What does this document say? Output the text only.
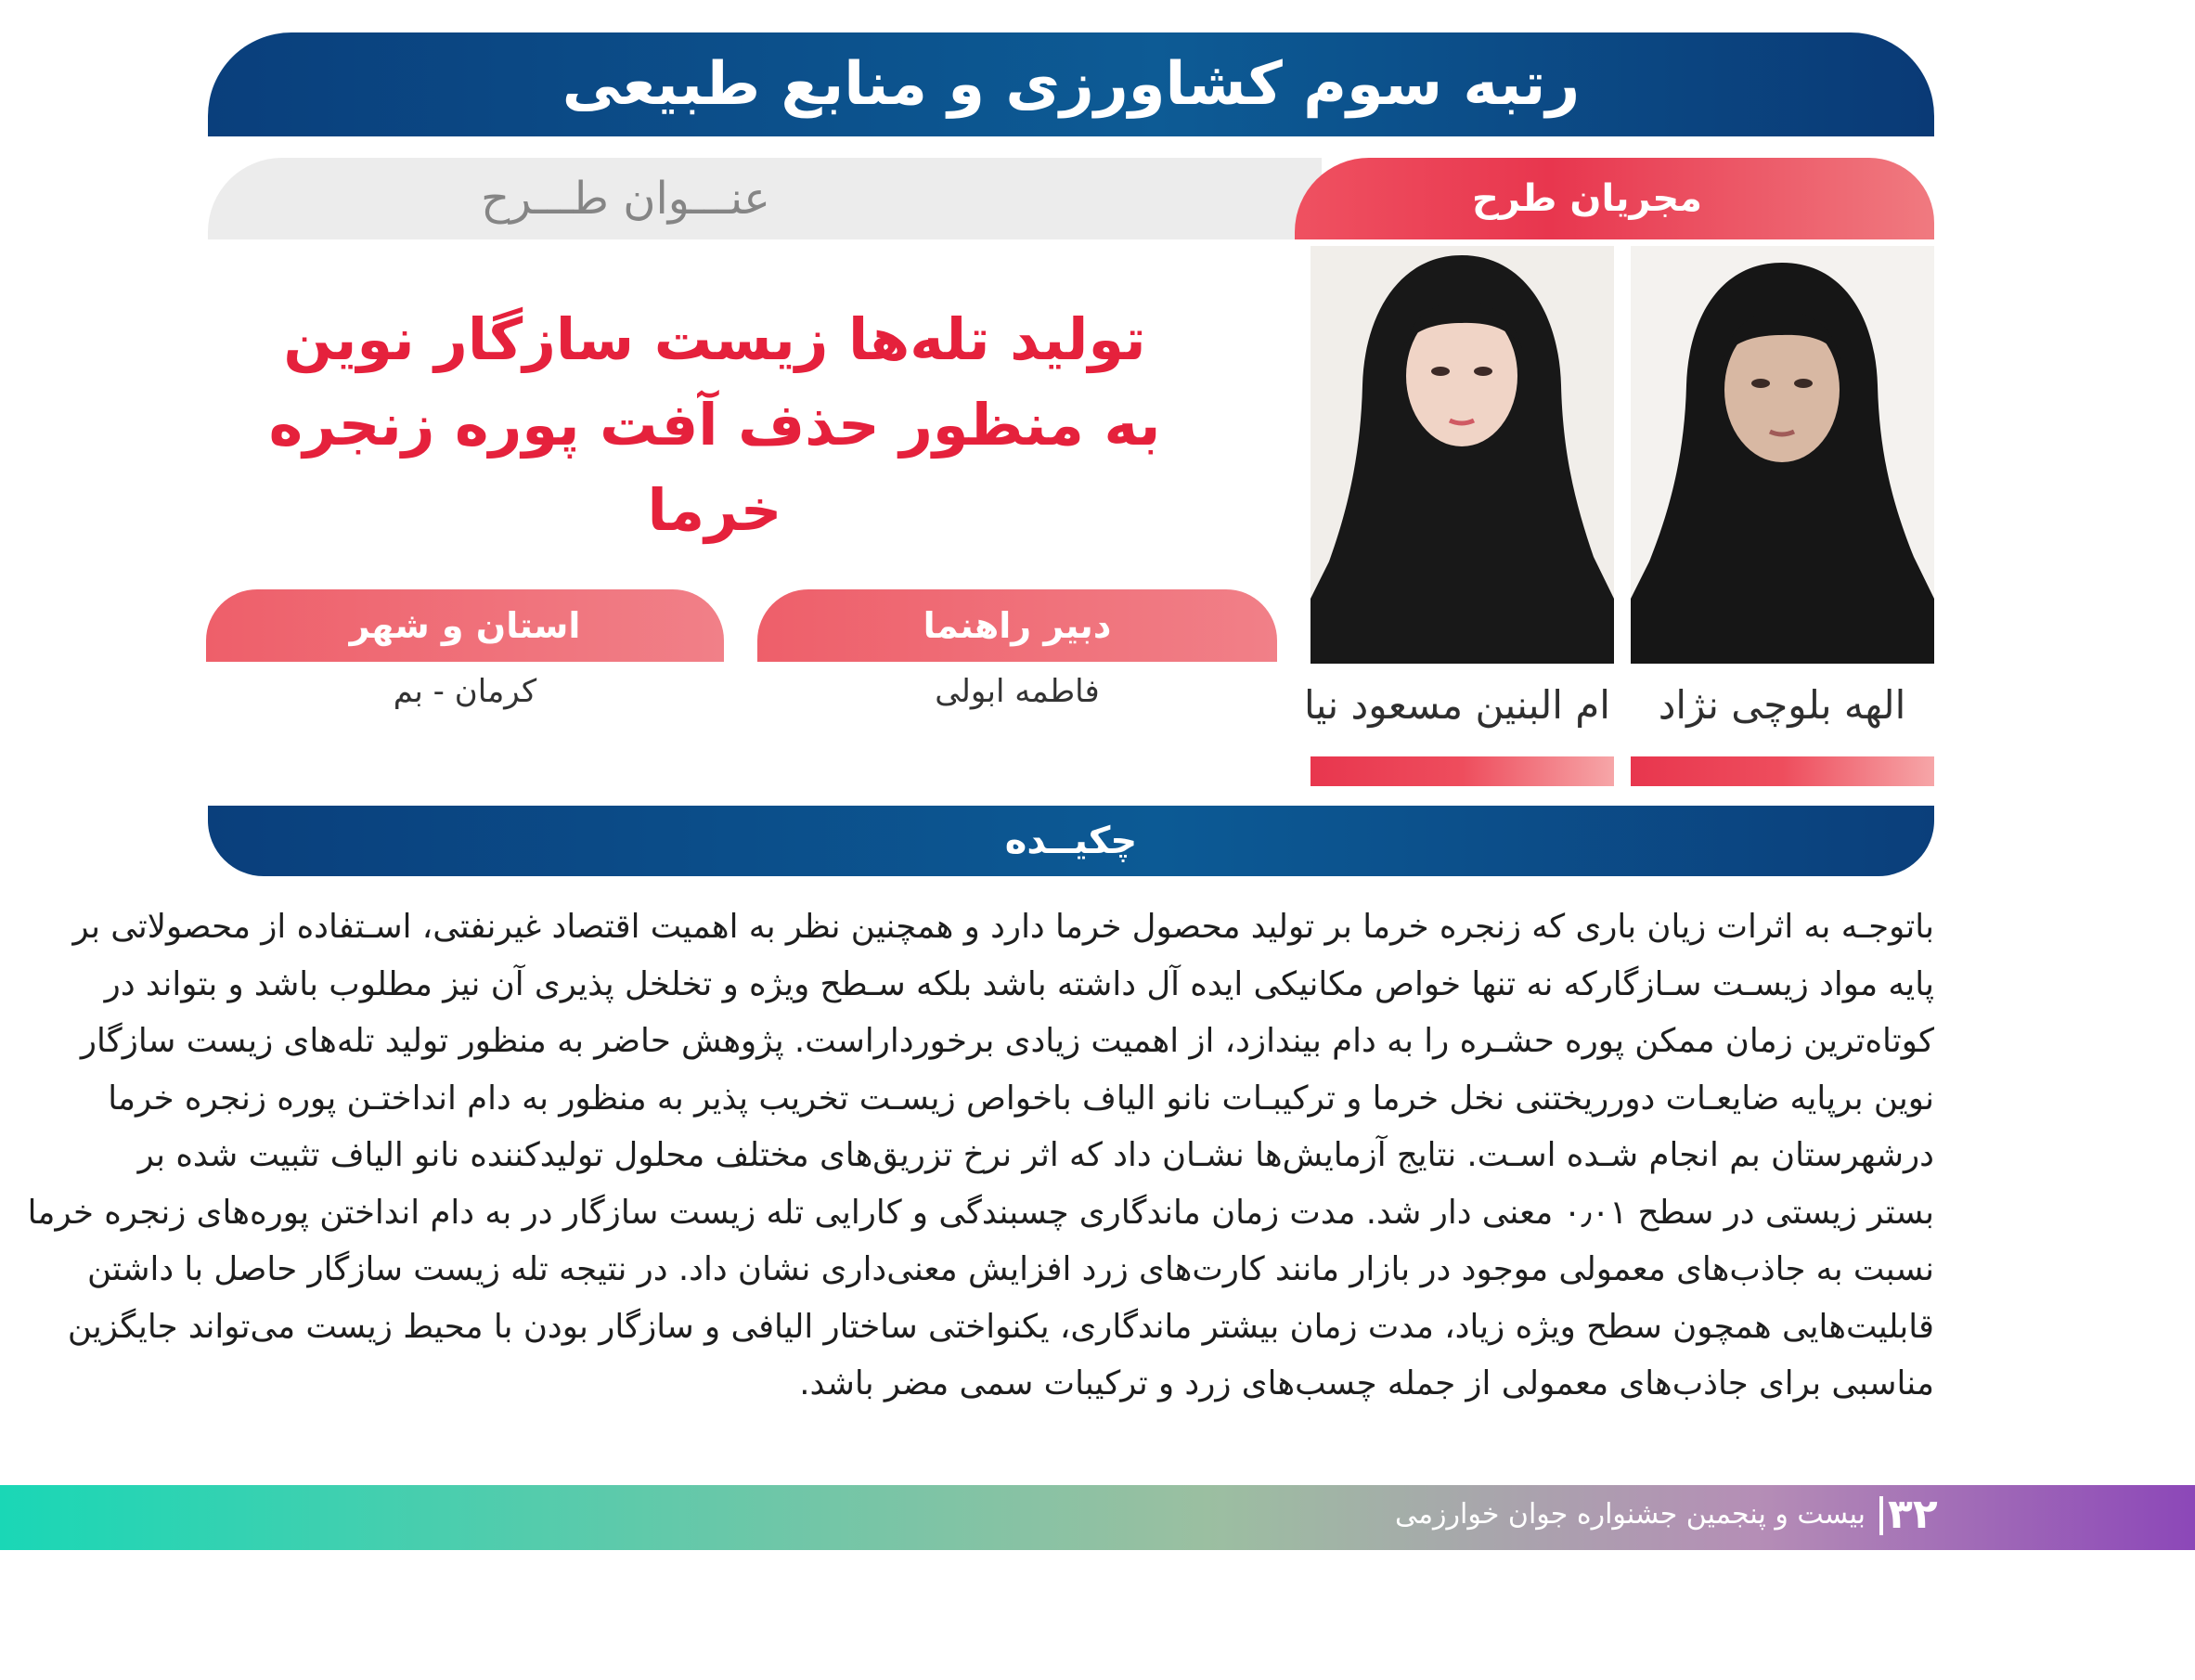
رتبه سوم کشاورزی و منابع طبیعی
عنـــوان طـــرح	مجریان طرح
تولید تله‌ها زیست سازگار نوین
به منظور حذف آفت پوره زنجره خرما
الهه بلوچی نژاد
ام البنین مسعود نیا
دبیر راهنما
فاطمه ابولی
استان و شهر
کرمان - بم
چکیــده
باتوجـه به اثرات زیان باری که زنجره خرما بر تولید محصول خرما دارد و همچنین نظر به اهمیت اقتصاد غیرنفتی، اسـتفاده از محصولاتی بر
پایه مواد زیسـت سـازگارکه نه تنها خواص مکانیکی ایده آل داشته باشد بلکه سـطح ویژه و تخلخل پذیری آن نیز مطلوب باشد و بتواند در
کوتاه‌ترین زمان ممکن پوره حشـره را به دام بیندازد، از اهمیت زیادی برخورداراست. پژوهش حاضر به منظور تولید تله‌های زیست سازگار
نوین برپایه ضایعـات دورریختنی نخل خرما و ترکیبـات نانو الیاف باخواص زیسـت تخریب پذیر به منظور به دام انداختـن پوره زنجره خرما
درشهرستان بم انجام شـده اسـت. نتایج آزمایش‌ها نشـان داد که اثر نرخ تزریق‌های مختلف محلول تولیدکننده نانو الیاف تثبیت شده بر
بستر زیستی در سطح ۰٫۰۱ معنی دار شد. مدت زمان ماندگاری چسبندگی و کارایی تله زیست سازگار در به دام انداختن پوره‌های زنجره خرما
نسبت به جاذب‌های معمولی موجود در بازار مانند کارت‌های زرد افزایش معنی‌داری نشان داد. در نتیجه تله زیست سازگار حاصل با داشتن
قابلیت‌هایی همچون سطح ویژه زیاد، مدت زمان بیشتر ماندگاری، یکنواختی ساختار الیافی و سازگار بودن با محیط زیست می‌تواند جایگزین
مناسبی برای جاذب‌های معمولی از جمله چسب‌های زرد و ترکیبات سمی مضر باشد.
۳۲
بیست و پنجمین جشنواره جوان خوارزمی
